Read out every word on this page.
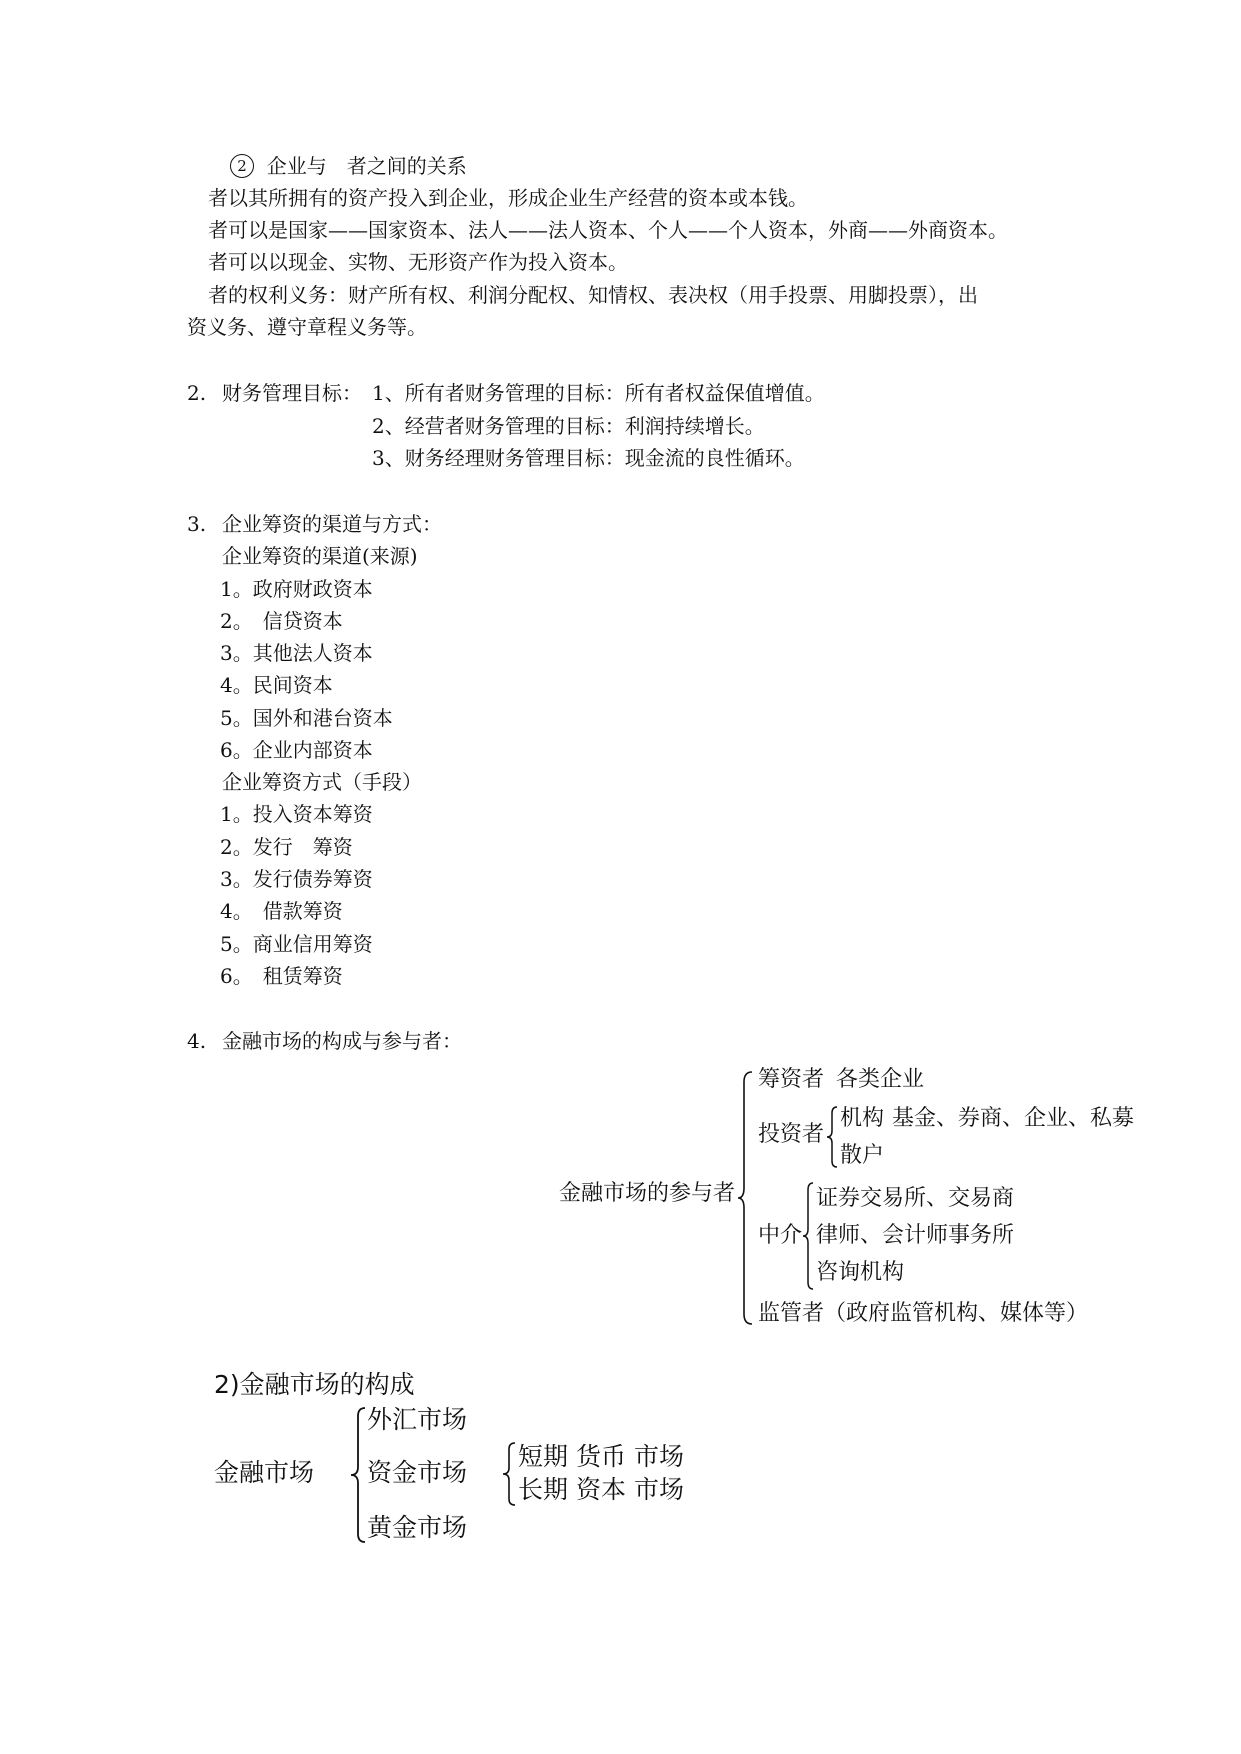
2 企业与　者之间的关系
者以其所拥有的资产投入到企业，形成企业生产经营的资本或本钱。
者可以是国家——国家资本、法人——法人资本、个人——个人资本，外商——外商资本。
者可以以现金、实物、无形资产作为投入资本。
者的权利义务：财产所有权、利润分配权、知情权、表决权（用手投票、用脚投票），出
资义务、遵守章程义务等。
2. 财务管理目标： 1、所有者财务管理的目标：所有者权益保值增值。
2、经营者财务管理的目标：利润持续增长。
3、财务经理财务管理目标：现金流的良性循环。
3. 企业筹资的渠道与方式：
企业筹资的渠道(来源)
1。政府财政资本
2。　信贷资本
3。其他法人资本
4。民间资本
5。国外和港台资本
6。企业内部资本
企业筹资方式（手段）
1。投入资本筹资
2。发行　筹资
3。发行债券筹资
4。　借款筹资
5。商业信用筹资
6。　租赁筹资
4. 金融市场的构成与参与者：
金融市场的参与者
筹资者 各类企业
投资者
机构 基金、券商、企业、私募
散户
中介
证券交易所、交易商
律师、会计师事务所
咨询机构
监管者（政府监管机构、媒体等）
2)金融市场的构成
金融市场
外汇市场
资金市场
短期 货币 市场
长期 资本 市场
黄金市场
